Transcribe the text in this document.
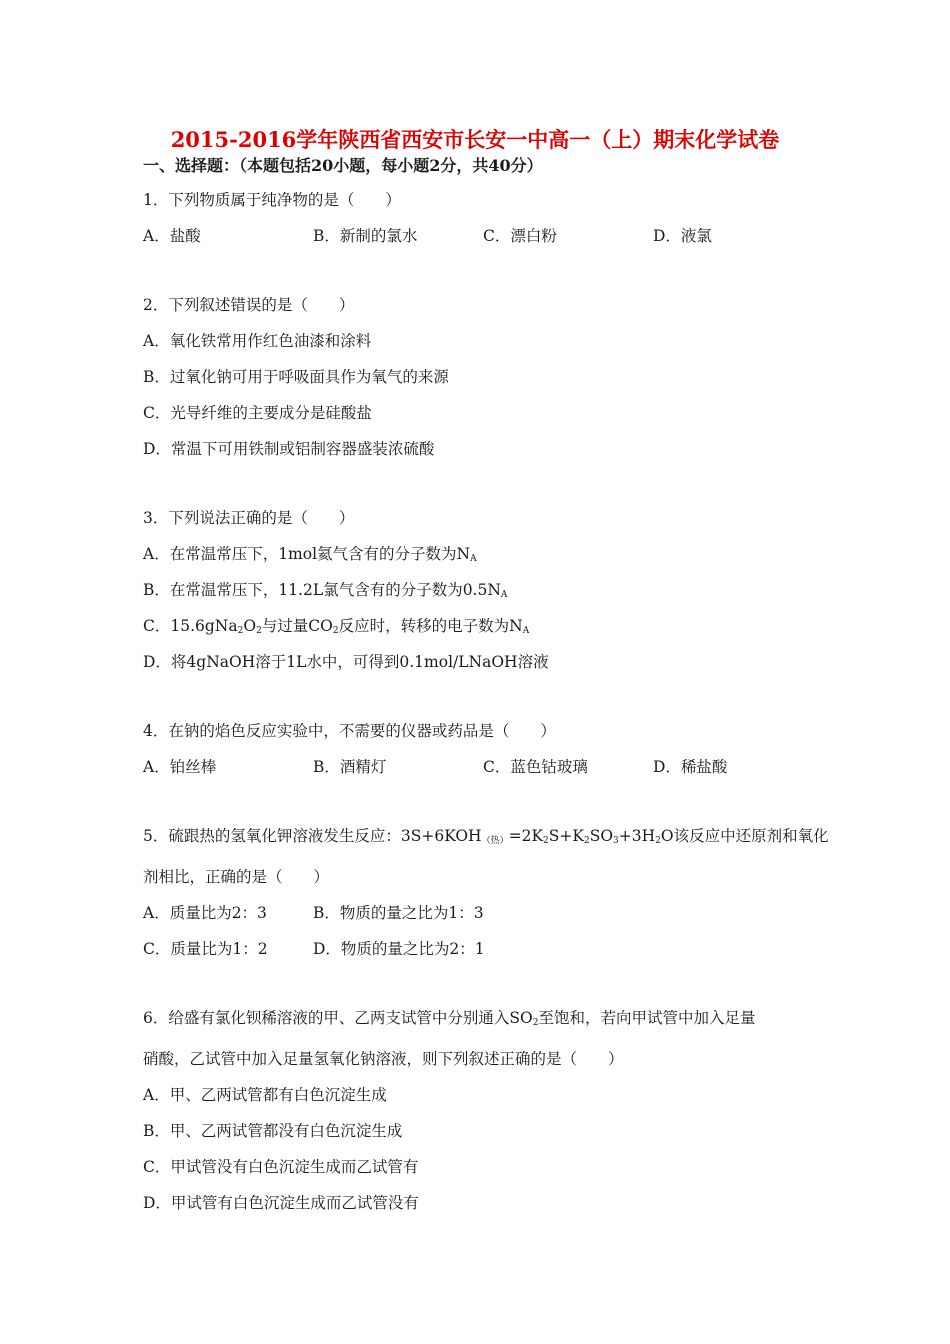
2015-2016学年陕西省西安市长安一中高一（上）期末化学试卷
一、选择题：（本题包括20小题，每小题2分，共40分）
1．下列物质属于纯净物的是（　　）
A．盐酸	B．新制的氯水	C．漂白粉	D．液氯
2．下列叙述错误的是（　　）
A．氧化铁常用作红色油漆和涂料
B．过氧化钠可用于呼吸面具作为氧气的来源
C．光导纤维的主要成分是硅酸盐
D．常温下可用铁制或铝制容器盛装浓硫酸
3．下列说法正确的是（　　）
A．在常温常压下，1mol氦气含有的分子数为$N_A$
B．在常温常压下，11.2L氯气含有的分子数为$0.5N_A$
C．$15.6gNa_2O_2$与过量$CO_2$反应时，转移的电子数为$N_A$
D．将4gNaOH溶于1L水中，可得到0.1mol/LNaOH溶液
4．在钠的焰色反应实验中，不需要的仪器或药品是（　　）
A．铂丝棒	B．酒精灯	C．蓝色钴玻璃	D．稀盐酸
5．硫跟热的氢氧化钾溶液发生反应：3S+6KOH（热）$=2K_2S+K_2SO_3+3H_2O$该反应中还原剂和氧化
剂相比，正确的是（　　）
A．质量比为2：3	B．物质的量之比为1：3
C．质量比为1：2	D．物质的量之比为2：1
6．给盛有氯化钡稀溶液的甲、乙两支试管中分别通入$SO_2$至饱和，若向甲试管中加入足量
硝酸，乙试管中加入足量氢氧化钠溶液，则下列叙述正确的是（　　）
A．甲、乙两试管都有白色沉淀生成
B．甲、乙两试管都没有白色沉淀生成
C．甲试管没有白色沉淀生成而乙试管有
D．甲试管有白色沉淀生成而乙试管没有
